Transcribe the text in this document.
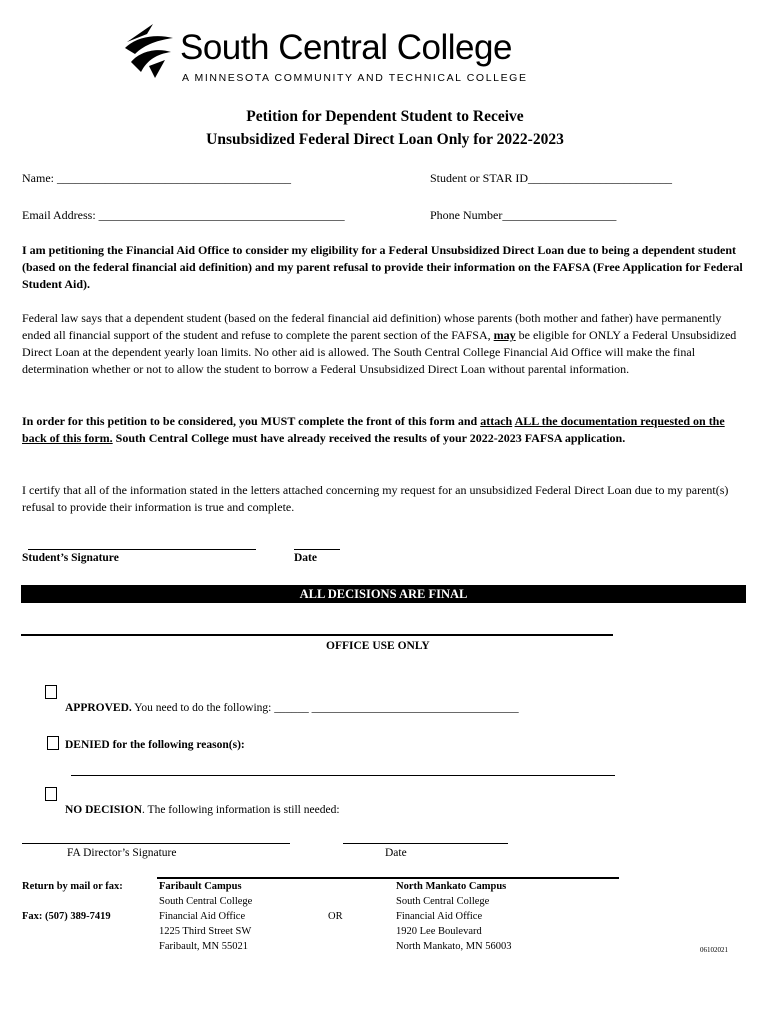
South Central College
A MINNESOTA COMMUNITY AND TECHNICAL COLLEGE
Petition for Dependent Student to Receive
Unsubsidized Federal Direct Loan Only for 2022-2023
Name: _______________________________________	Student or STAR ID________________________
Email Address: _________________________________________	Phone Number___________________
I am petitioning the Financial Aid Office to consider my eligibility for a Federal Unsubsidized Direct Loan due to being a dependent student (based on the federal financial aid definition) and my parent refusal to provide their information on the FAFSA (Free Application for Federal Student Aid).
Federal law says that a dependent student (based on the federal financial aid definition) whose parents (both mother and father) have permanently ended all financial support of the student and refuse to complete the parent section of the FAFSA, may be eligible for ONLY a Federal Unsubsidized Direct Loan at the dependent yearly loan limits. No other aid is allowed. The South Central College Financial Aid Office will make the final determination whether or not to allow the student to borrow a Federal Unsubsidized Direct Loan without parental information.
In order for this petition to be considered, you MUST complete the front of this form and attach ALL the documentation requested on the back of this form. South Central College must have already received the results of your 2022-2023 FAFSA application.
I certify that all of the information stated in the letters attached concerning my request for an unsubsidized Federal Direct Loan due to my parent(s) refusal to provide their information is true and complete.
Student’s Signature	Date
ALL DECISIONS ARE FINAL
OFFICE USE ONLY
APPROVED. You need to do the following: ______ ____________________________________
DENIED for the following reason(s):
NO DECISION. The following information is still needed:
FA Director’s Signature	Date
Return by mail or fax:
Fax: (507) 389-7419
Faribault Campus
South Central College
Financial Aid Office
1225 Third Street SW
Faribault, MN 55021
OR
North Mankato Campus
South Central College
Financial Aid Office
1920 Lee Boulevard
North Mankato, MN 56003	06102021
